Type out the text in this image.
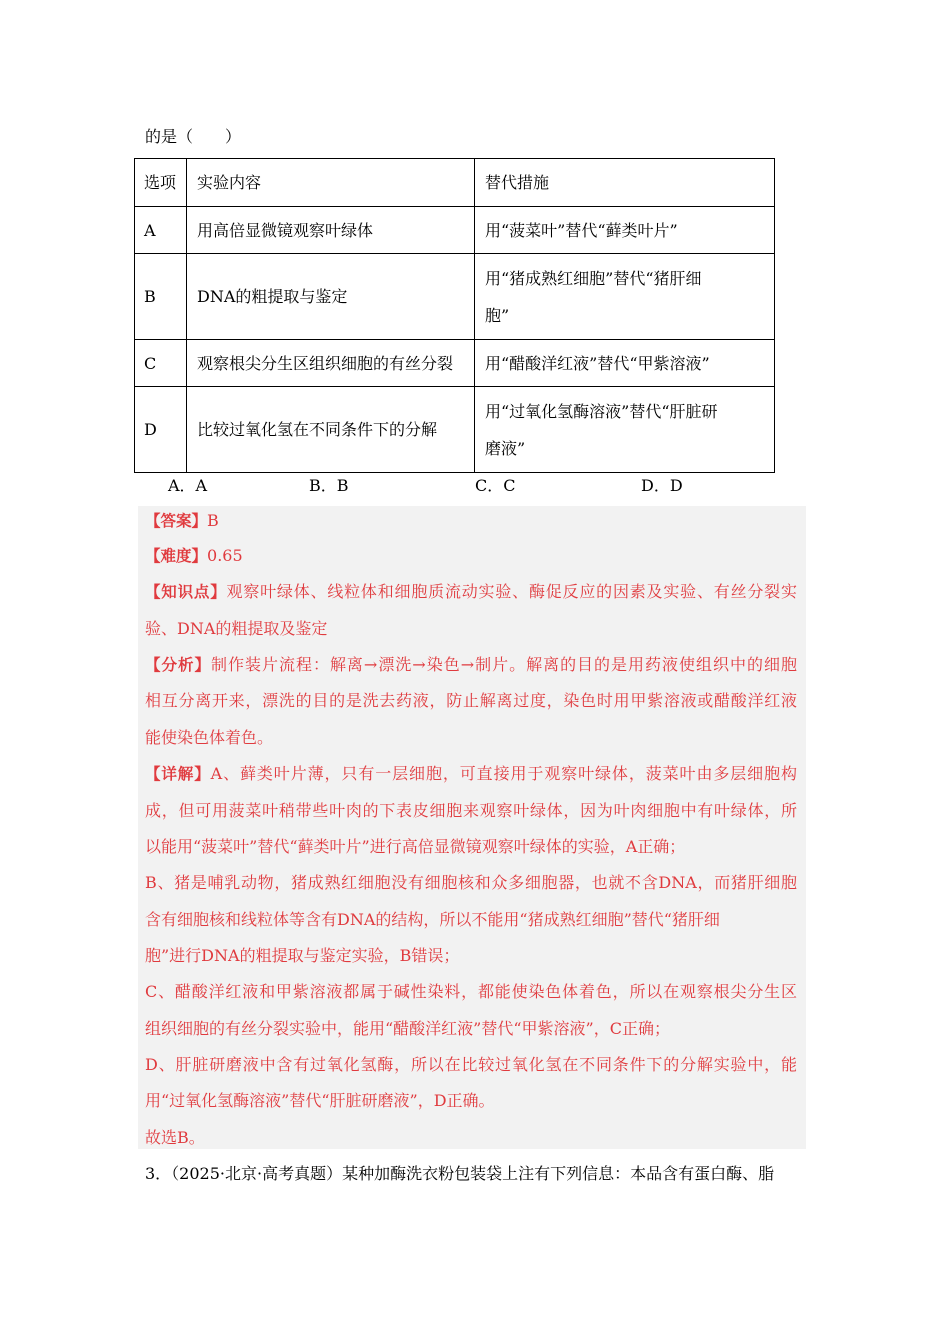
的是（　　）
选项	实验内容	替代措施
A	用高倍显微镜观察叶绿体	用“菠菜叶”替代“藓类叶片”
B	DNA的粗提取与鉴定	用“猪成熟红细胞”替代“猪肝细
胞”
C	观察根尖分生区组织细胞的有丝分裂	用“醋酸洋红液”替代“甲紫溶液”
D	比较过氧化氢在不同条件下的分解	用“过氧化氢酶溶液”替代“肝脏研
磨液”
A．A	B．B	C．C	D．D
【答案】B
【难度】0.65
【知识点】观察叶绿体、线粒体和细胞质流动实验、酶促反应的因素及实验、有丝分裂实
验、DNA的粗提取及鉴定
【分析】制作装片流程：解离→漂洗→染色→制片。解离的目的是用药液使组织中的细胞
相互分离开来，漂洗的目的是洗去药液，防止解离过度，染色时用甲紫溶液或醋酸洋红液
能使染色体着色。
【详解】A、藓类叶片薄，只有一层细胞，可直接用于观察叶绿体，菠菜叶由多层细胞构
成，但可用菠菜叶稍带些叶肉的下表皮细胞来观察叶绿体，因为叶肉细胞中有叶绿体，所
以能用“菠菜叶”替代“藓类叶片”进行高倍显微镜观察叶绿体的实验，A正确；
B、猪是哺乳动物，猪成熟红细胞没有细胞核和众多细胞器，也就不含DNA，而猪肝细胞
含有细胞核和线粒体等含有DNA的结构，所以不能用“猪成熟红细胞”替代“猪肝细
胞”进行DNA的粗提取与鉴定实验，B错误；
C、醋酸洋红液和甲紫溶液都属于碱性染料，都能使染色体着色，所以在观察根尖分生区
组织细胞的有丝分裂实验中，能用“醋酸洋红液”替代“甲紫溶液”，C正确；
D、肝脏研磨液中含有过氧化氢酶，所以在比较过氧化氢在不同条件下的分解实验中，能
用“过氧化氢酶溶液”替代“肝脏研磨液”，D正确。
故选B。
3．（2025·北京·高考真题）某种加酶洗衣粉包装袋上注有下列信息：本品含有蛋白酶、脂
